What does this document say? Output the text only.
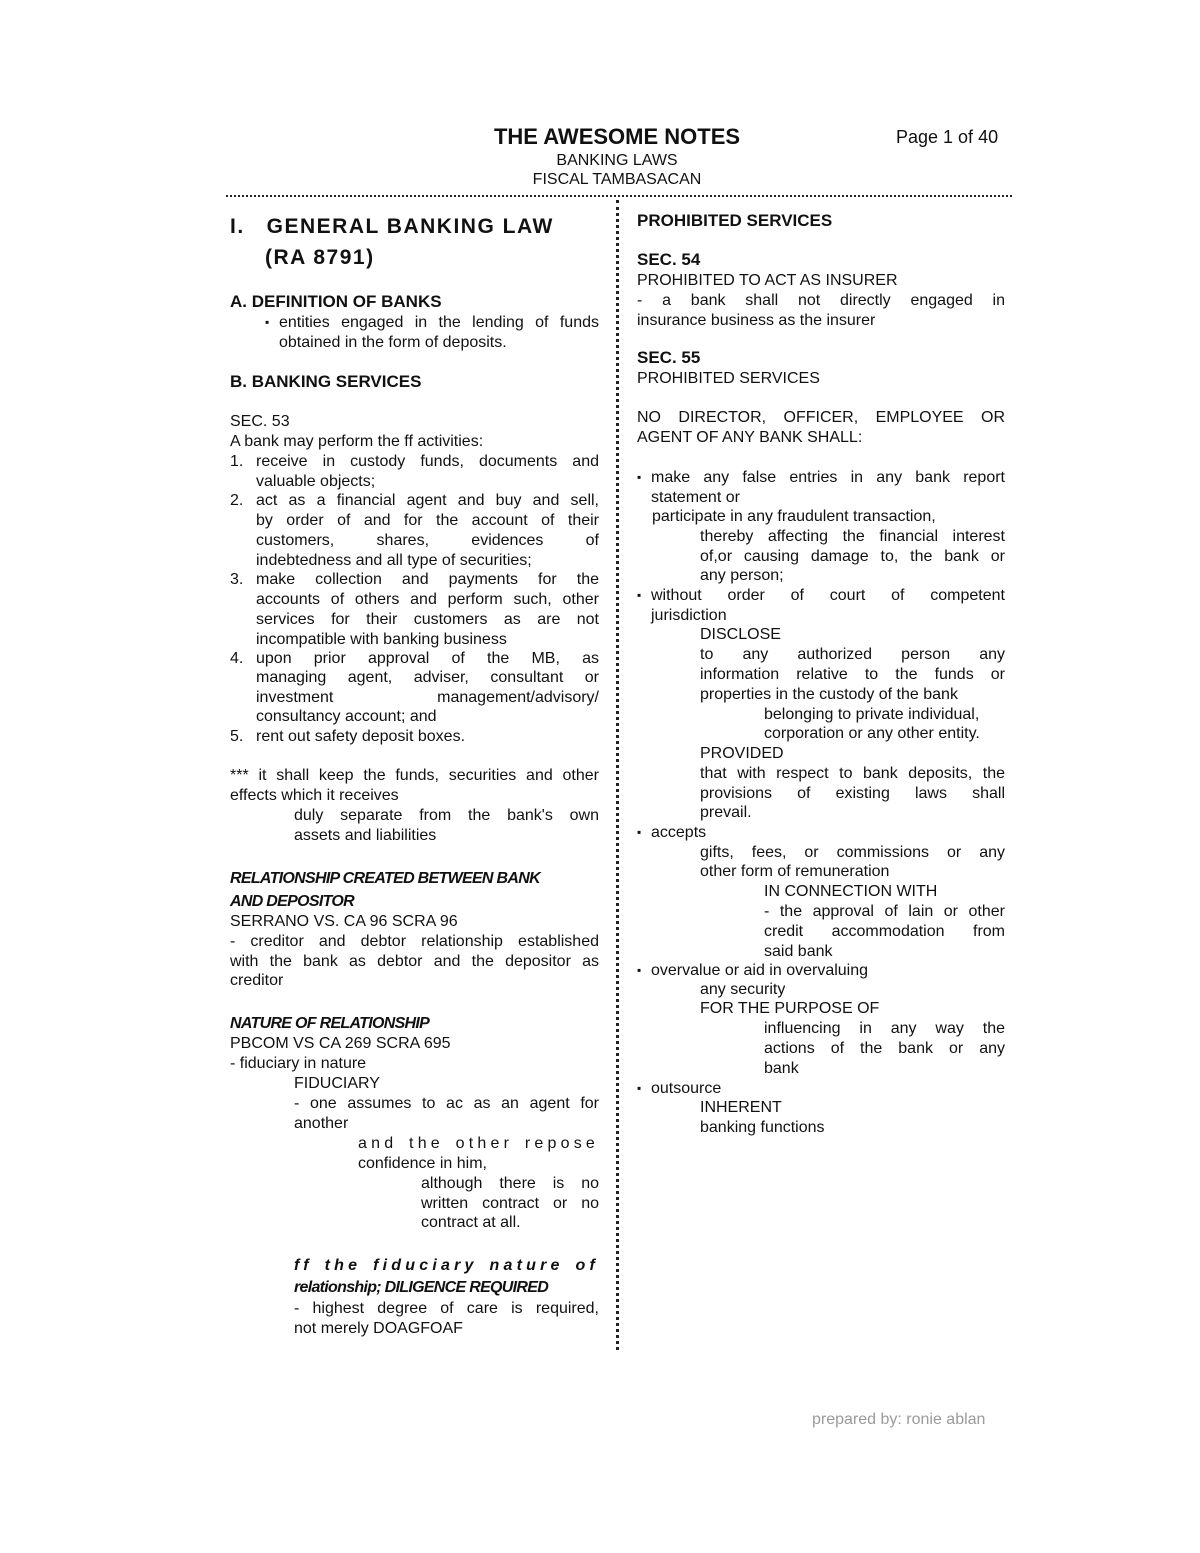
THE AWESOME NOTES	Page 1 of 40
BANKING LAWS
FISCAL TAMBASACAN
I.   GENERAL BANKING LAW
(RA 8791)
A. DEFINITION OF BANKS
▪ entities engaged in the lending of funds
obtained in the form of deposits.
B. BANKING SERVICES
SEC. 53
A bank may perform the ff activities:
1. receive in custody funds, documents and
valuable objects;
2. act as a financial agent and buy and sell,
by order of and for the account of their
customers, shares, evidences of
indebtedness and all type of securities;
3. make collection and payments for the
accounts of others and perform such, other
services for their customers as are not
incompatible with banking business
4. upon prior approval of the MB, as
managing agent, adviser, consultant or
investment management/advisory/
consultancy account; and
5. rent out safety deposit boxes.
*** it shall keep the funds, securities and other
effects which it receives
duly separate from the bank's own
assets and liabilities
RELATIONSHIP CREATED BETWEEN BANK
AND DEPOSITOR
SERRANO VS. CA 96 SCRA 96
- creditor and debtor relationship established
with the bank as debtor and the depositor as
creditor
NATURE OF RELATIONSHIP
PBCOM VS CA 269 SCRA 695
- fiduciary in nature
FIDUCIARY
- one assumes to ac as an agent for
another
and the other repose
confidence in him,
although there is no
written contract or no
contract at all.
ff the fiduciary nature of
relationship; DILIGENCE REQUIRED
- highest degree of care is required,
not merely DOAGFOAF
PROHIBITED SERVICES
SEC. 54
PROHIBITED TO ACT AS INSURER
- a bank shall not directly engaged in
insurance business as the insurer
SEC. 55
PROHIBITED SERVICES
NO DIRECTOR, OFFICER, EMPLOYEE OR
AGENT OF ANY BANK SHALL:
▪ make any false entries in any bank report
statement or
participate in any fraudulent transaction,
thereby affecting the financial interest
of,or causing damage to, the bank or
any person;
▪ without order of court of competent
jurisdiction
DISCLOSE
to any authorized person any
information relative to the funds or
properties in the custody of the bank
belonging to private individual,
corporation or any other entity.
PROVIDED
that with respect to bank deposits, the
provisions of existing laws shall
prevail.
▪ accepts
gifts, fees, or commissions or any
other form of remuneration
IN CONNECTION WITH
- the approval of lain or other
credit accommodation from
said bank
▪ overvalue or aid in overvaluing
any security
FOR THE PURPOSE OF
influencing in any way the
actions of the bank or any
bank
▪ outsource
INHERENT
banking functions
prepared by: ronie ablan
